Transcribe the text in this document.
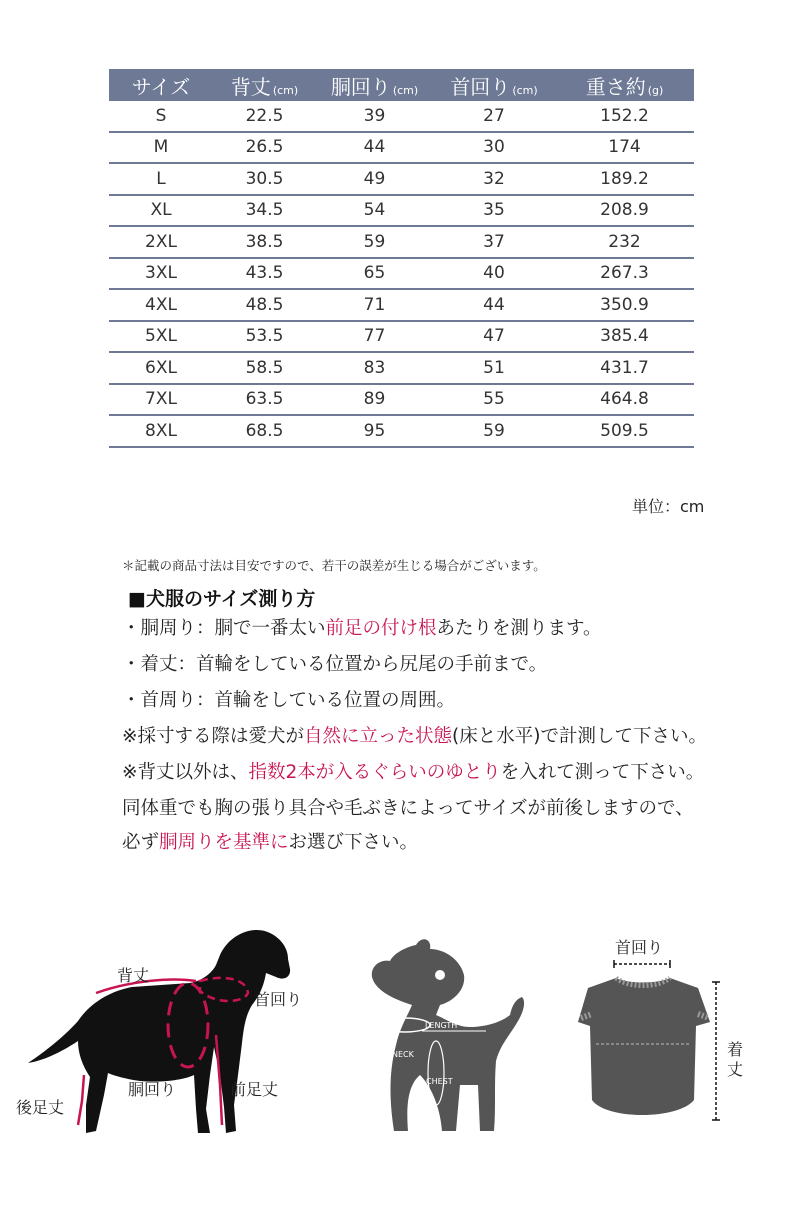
サイズ	背丈 (cm)	胴回り (cm)	首回り (cm)	重さ約 (g)
S	22.5	39	27	152.2
M	26.5	44	30	174
L	30.5	49	32	189.2
XL	34.5	54	35	208.9
2XL	38.5	59	37	232
3XL	43.5	65	40	267.3
4XL	48.5	71	44	350.9
5XL	53.5	77	47	385.4
6XL	58.5	83	51	431.7
7XL	63.5	89	55	464.8
8XL	68.5	95	59	509.5
単位：cm
＊記載の商品寸法は目安ですので、若干の誤差が生じる場合がございます。
■犬服のサイズ測り方
・胴周り：胴で一番太い前足の付け根あたりを測ります。
・着丈：首輪をしている位置から尻尾の手前まで。
・首周り：首輪をしている位置の周囲。
※採寸する際は愛犬が自然に立った状態(床と水平)で計測して下さい。
※背丈以外は、指数2本が入るぐらいのゆとりを入れて測って下さい。
同体重でも胸の張り具合や毛ぶきによってサイズが前後しますので、
必ず胴周りを基準にお選び下さい。
背丈
首回り
胴回り	前足丈
後足丈
LENGTH
NECK
CHEST
首回り
着丈
